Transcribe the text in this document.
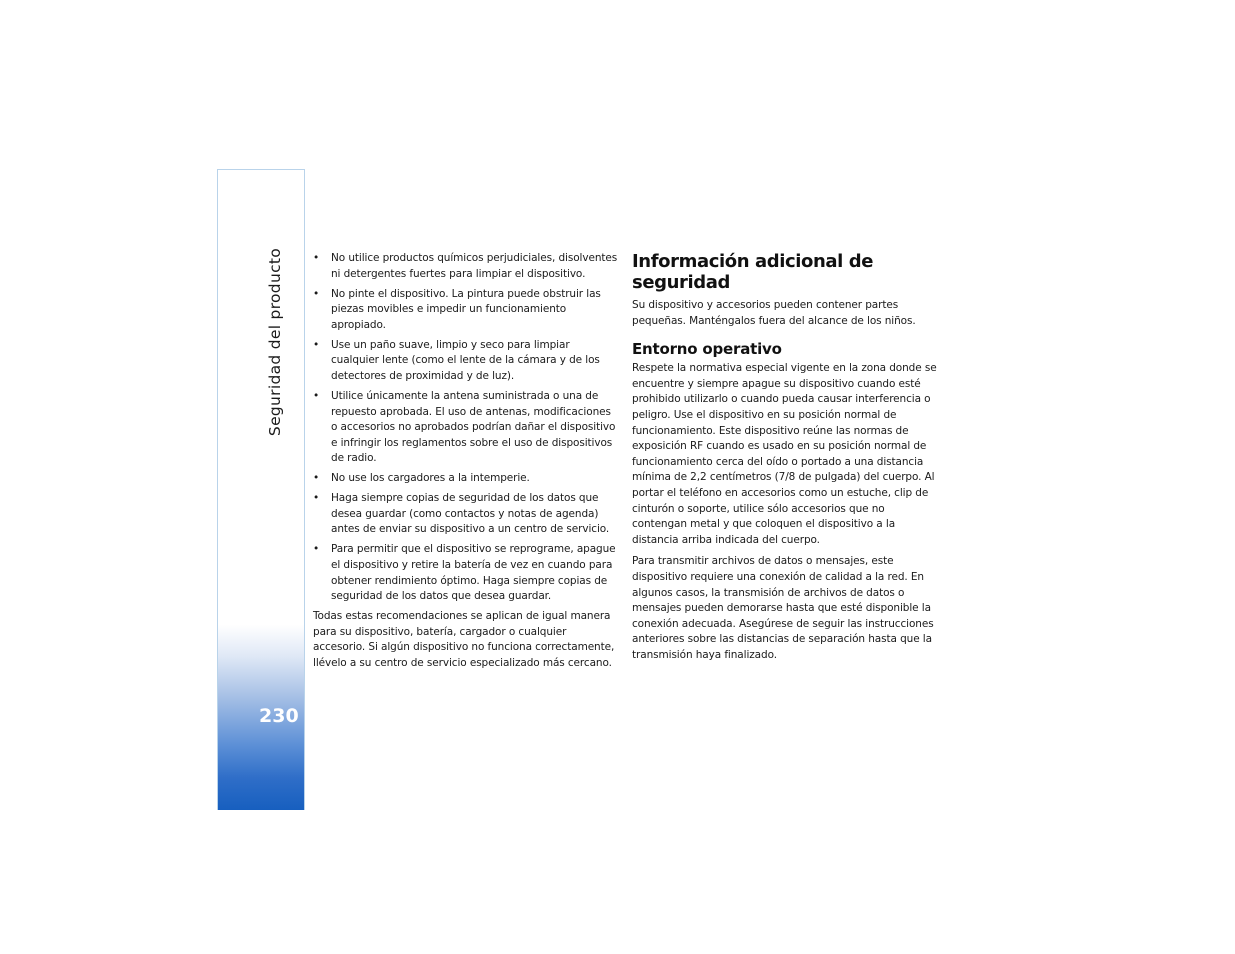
Seguridad del producto
230
• No utilice productos químicos perjudiciales, disolventes ni detergentes fuertes para limpiar el dispositivo.
• No pinte el dispositivo. La pintura puede obstruir las piezas movibles e impedir un funcionamiento apropiado.
• Use un paño suave, limpio y seco para limpiar cualquier lente (como el lente de la cámara y de los detectores de proximidad y de luz).
• Utilice únicamente la antena suministrada o una de repuesto aprobada. El uso de antenas, modificaciones o accesorios no aprobados podrían dañar el dispositivo e infringir los reglamentos sobre el uso de dispositivos de radio.
• No use los cargadores a la intemperie.
• Haga siempre copias de seguridad de los datos que desea guardar (como contactos y notas de agenda) antes de enviar su dispositivo a un centro de servicio.
• Para permitir que el dispositivo se reprograme, apague el dispositivo y retire la batería de vez en cuando para obtener rendimiento óptimo. Haga siempre copias de seguridad de los datos que desea guardar.

Todas estas recomendaciones se aplican de igual manera para su dispositivo, batería, cargador o cualquier accesorio. Si algún dispositivo no funciona correctamente, llévelo a su centro de servicio especializado más cercano.

Información adicional de seguridad

Su dispositivo y accesorios pueden contener partes pequeñas. Manténgalos fuera del alcance de los niños.

Entorno operativo

Respete la normativa especial vigente en la zona donde se encuentre y siempre apague su dispositivo cuando esté prohibido utilizarlo o cuando pueda causar interferencia o peligro. Use el dispositivo en su posición normal de funcionamiento. Este dispositivo reúne las normas de exposición RF cuando es usado en su posición normal de funcionamiento cerca del oído o portado a una distancia mínima de 2,2 centímetros (7/8 de pulgada) del cuerpo. Al portar el teléfono en accesorios como un estuche, clip de cinturón o soporte, utilice sólo accesorios que no contengan metal y que coloquen el dispositivo a la distancia arriba indicada del cuerpo.

Para transmitir archivos de datos o mensajes, este dispositivo requiere una conexión de calidad a la red. En algunos casos, la transmisión de archivos de datos o mensajes pueden demorarse hasta que esté disponible la conexión adecuada. Asegúrese de seguir las instrucciones anteriores sobre las distancias de separación hasta que la transmisión haya finalizado.
